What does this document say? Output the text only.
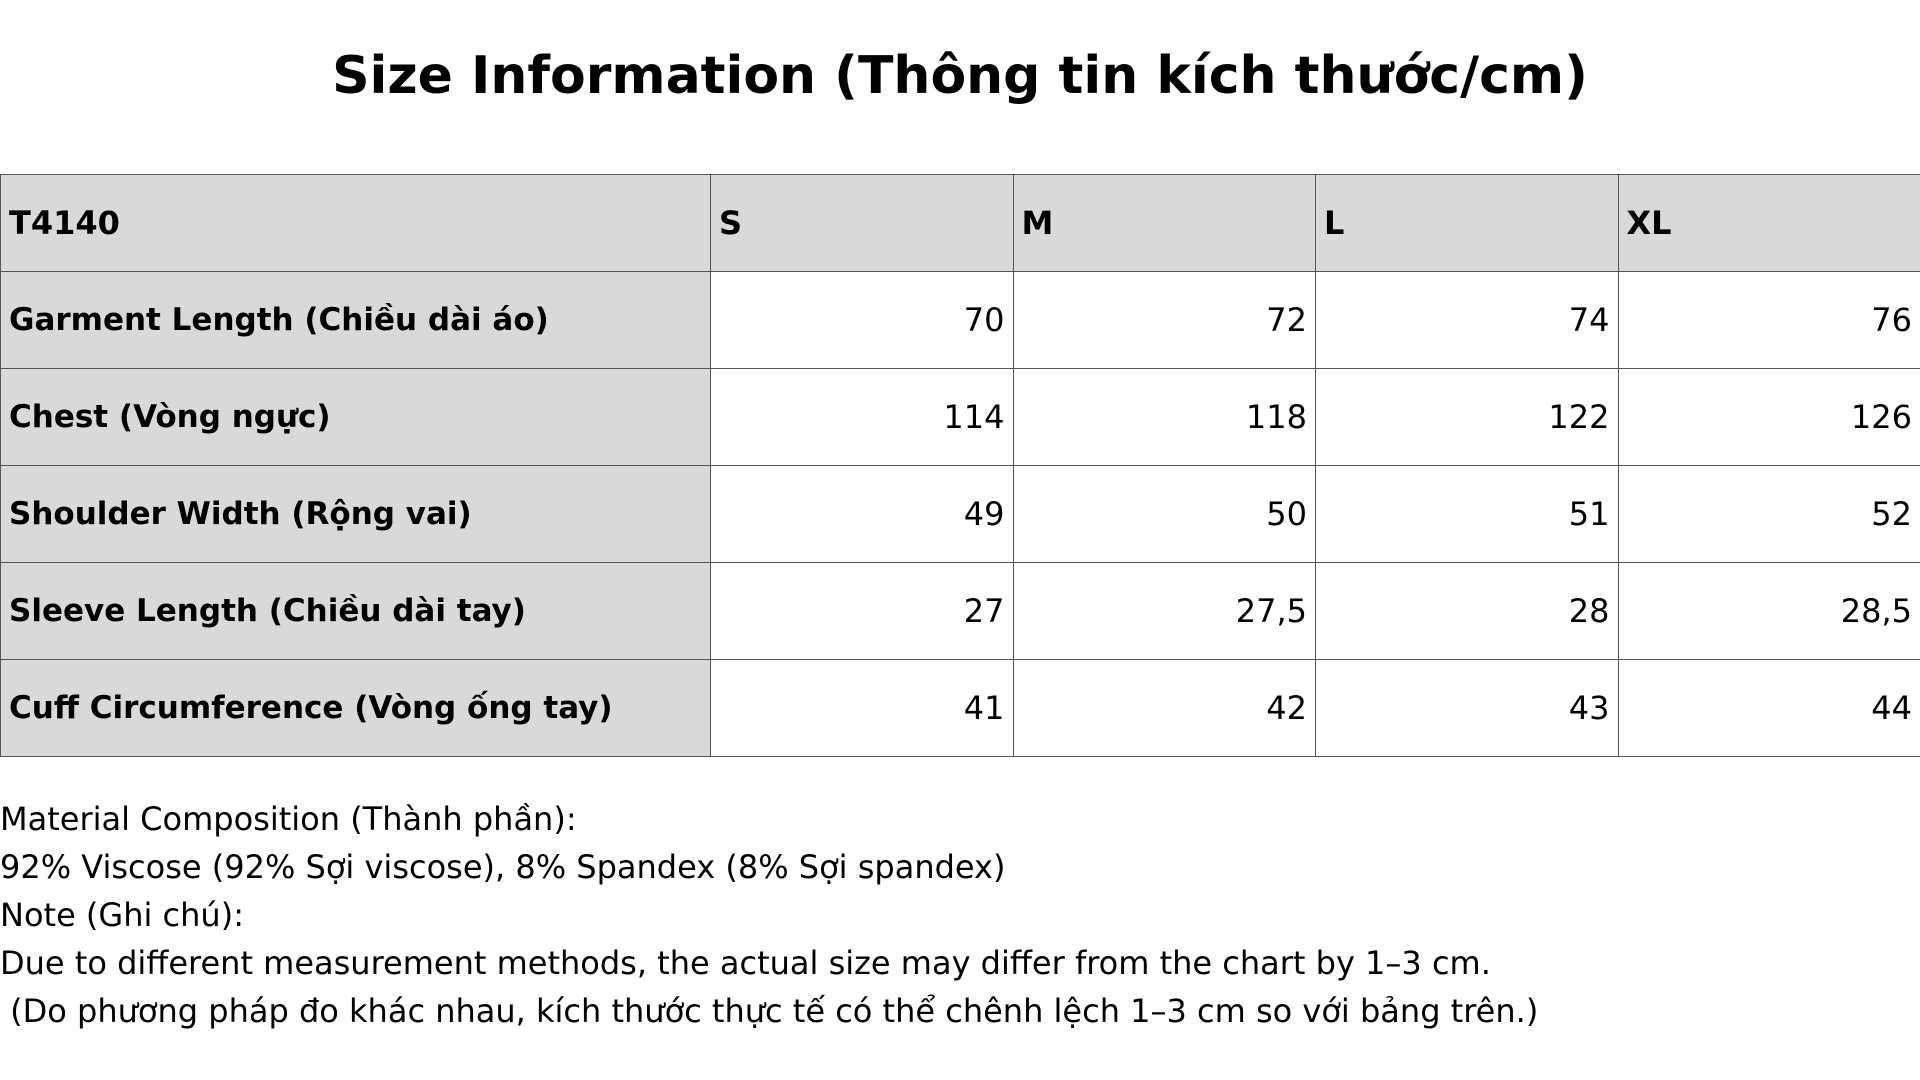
Size Information (Thông tin kích thước/cm)
T4140	S	M	L	XL
Garment Length (Chiều dài áo)	70	72	74	76
Chest (Vòng ngực)	114	118	122	126
Shoulder Width (Rộng vai)	49	50	51	52
Sleeve Length (Chiều dài tay)	27	27,5	28	28,5
Cuff Circumference (Vòng ống tay)	41	42	43	44
Material Composition (Thành phần):
92% Viscose (92% Sợi viscose), 8% Spandex (8% Sợi spandex)
Note (Ghi chú):
Due to different measurement methods, the actual size may differ from the chart by 1–3 cm.
(Do phương pháp đo khác nhau, kích thước thực tế có thể chênh lệch 1–3 cm so với bảng trên.)
